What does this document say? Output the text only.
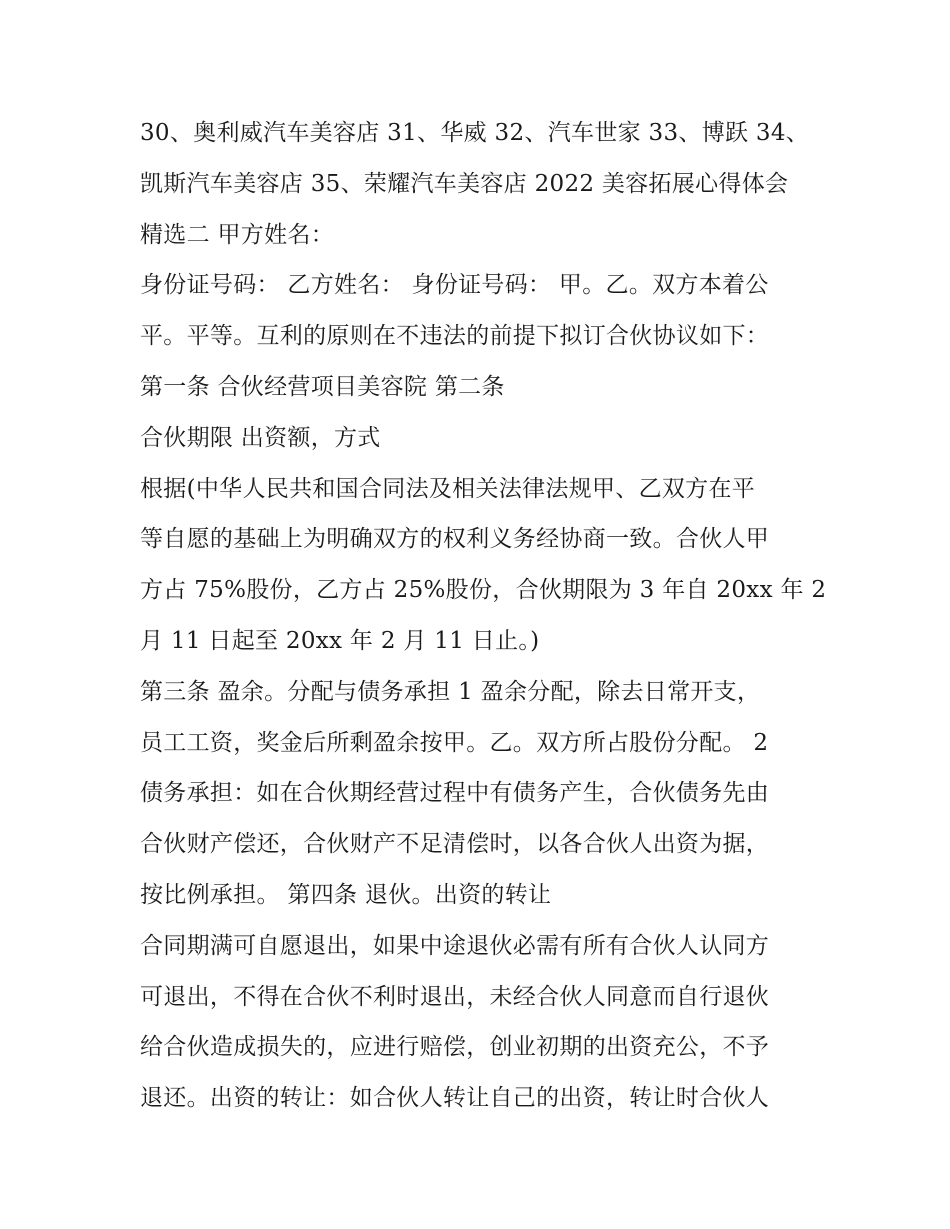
30、奥利威汽车美容店 31、华威 32、汽车世家 33、博跃 34、
凯斯汽车美容店 35、荣耀汽车美容店 2022 美容拓展心得体会
精选二 甲方姓名：
身份证号码： 乙方姓名： 身份证号码： 甲。乙。双方本着公
平。平等。互利的原则在不违法的前提下拟订合伙协议如下：
第一条 合伙经营项目美容院 第二条
合伙期限 出资额，方式
根据(中华人民共和国合同法及相关法律法规甲、乙双方在平
等自愿的基础上为明确双方的权利义务经协商一致。合伙人甲
方占 75%股份，乙方占 25%股份，合伙期限为 3 年自 20xx 年 2
月 11 日起至 20xx 年 2 月 11 日止。)
第三条 盈余。分配与债务承担 1 盈余分配，除去日常开支，
员工工资，奖金后所剩盈余按甲。乙。双方所占股份分配。 2
债务承担：如在合伙期经营过程中有债务产生，合伙债务先由
合伙财产偿还，合伙财产不足清偿时，以各合伙人出资为据，
按比例承担。 第四条 退伙。出资的转让
合同期满可自愿退出，如果中途退伙必需有所有合伙人认同方
可退出，不得在合伙不利时退出，未经合伙人同意而自行退伙
给合伙造成损失的，应进行赔偿，创业初期的出资充公，不予
退还。出资的转让：如合伙人转让自己的出资，转让时合伙人
